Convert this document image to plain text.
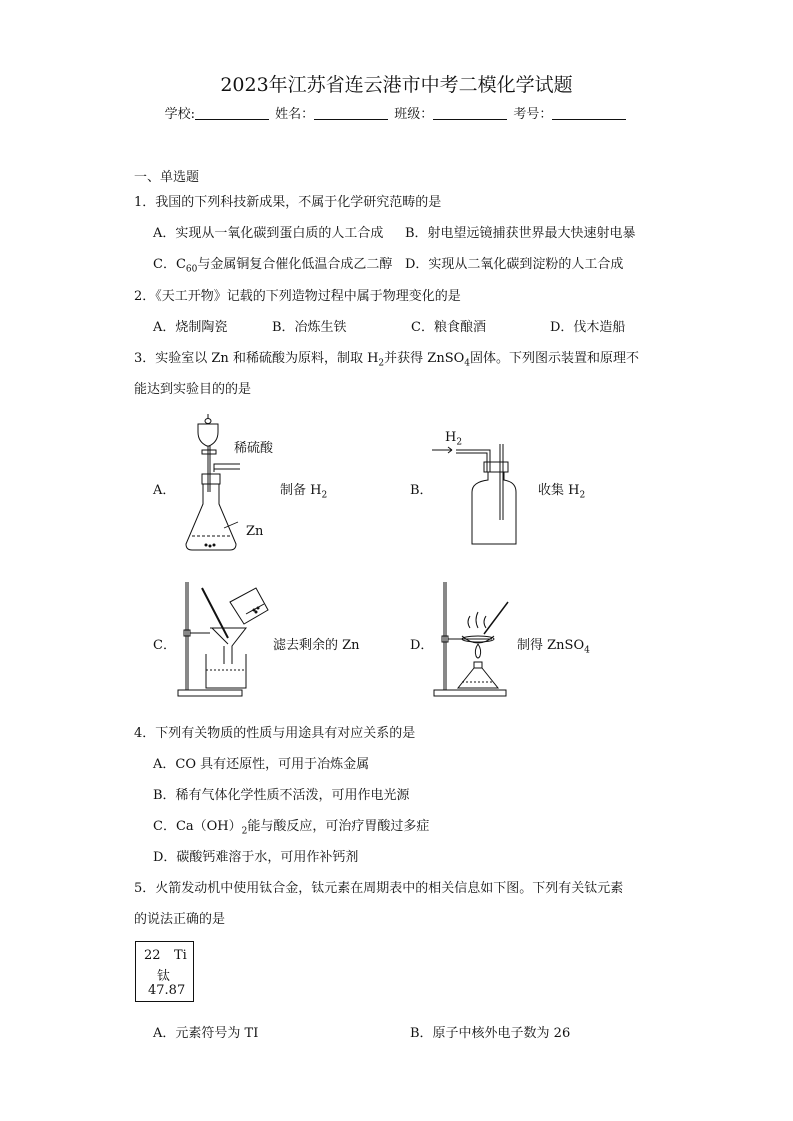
2023年江苏省连云港市中考二模化学试题
学校:	姓名：	班级：	考号：
一、单选题
1．我国的下列科技新成果，不属于化学研究范畴的是
A．实现从一氧化碳到蛋白质的人工合成 B．射电望远镜捕获世界最大快速射电暴
C．$C_{60}$与金属铜复合催化低温合成乙二醇 D．实现从二氧化碳到淀粉的人工合成
2．《天工开物》记载的下列造物过程中属于物理变化的是
A．烧制陶瓷	B．冶炼生铁	C．粮食酿酒	D．伐木造船
3．实验室以 Zn 和稀硫酸为原料，制取 $H_2$并获得 ZnSO$_4$固体。下列图示装置和原理不
能达到实验目的的是
A．
稀硫酸
Zn
制备 $H_2$	B．
$H_2$
收集 $H_2$
C．	滤去剩余的 Zn	D．	制得 ZnSO$_4$
4．下列有关物质的性质与用途具有对应关系的是
A．CO 具有还原性，可用于冶炼金属
B．稀有气体化学性质不活泼，可用作电光源
C．$Ca(OH)_2$能与酸反应，可治疗胃酸过多症
D．碳酸钙难溶于水，可用作补钙剂
5．火箭发动机中使用钛合金，钛元素在周期表中的相关信息如下图。下列有关钛元素
的说法正确的是
22 Ti
钛
47.87
A．元素符号为 TI	B．原子中核外电子数为 26
